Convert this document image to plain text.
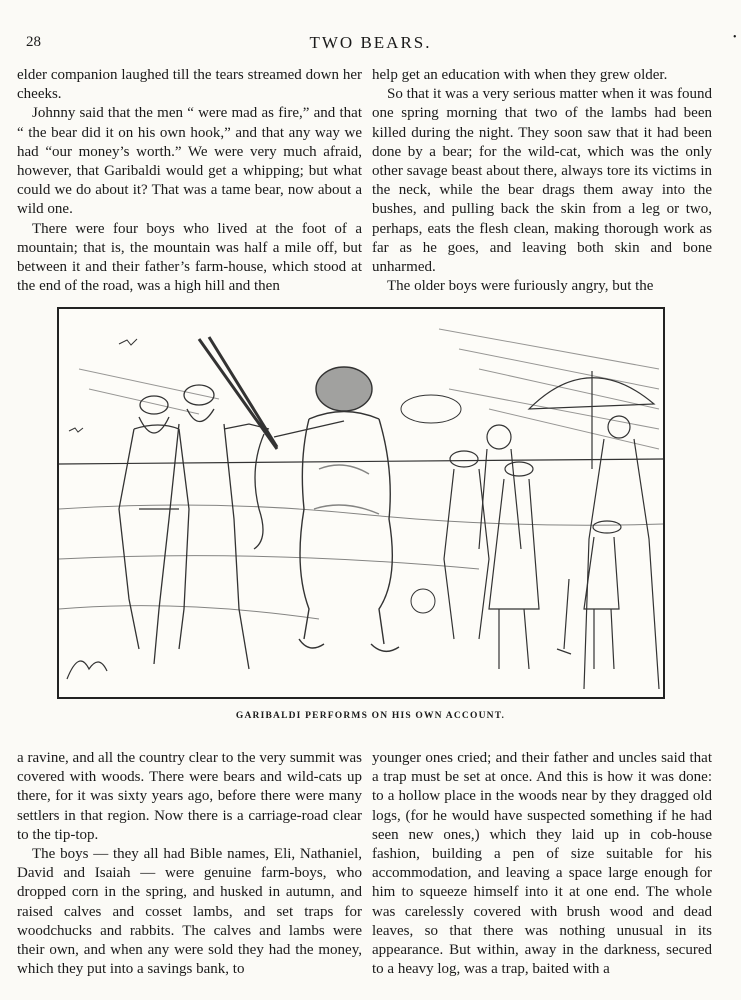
28	TWO BEARS.	•

elder companion laughed till the tears streamed down her cheeks.

Johnny said that the men “ were mad as fire,” and that “ the bear did it on his own hook,” and that any way we had “our money’s worth.” We were very much afraid, however, that Garibaldi would get a whipping; but what could we do about it? That was a tame bear, now about a wild one.

There were four boys who lived at the foot of a mountain; that is, the mountain was half a mile off, but between it and their father’s farm-house, which stood at the end of the road, was a high hill and then

help get an education with when they grew older.

So that it was a very serious matter when it was found one spring morning that two of the lambs had been killed during the night. They soon saw that it had been done by a bear; for the wild-cat, which was the only other savage beast about there, always tore its victims in the neck, while the bear drags them away into the bushes, and pulling back the skin from a leg or two, perhaps, eats the flesh clean, making thorough work as far as he goes, and leaving both skin and bone unharmed.

The older boys were furiously angry, but the

GARIBALDI PERFORMS ON HIS OWN ACCOUNT.

a ravine, and all the country clear to the very summit was covered with woods. There were bears and wild-cats up there, for it was sixty years ago, before there were many settlers in that region. Now there is a carriage-road clear to the tip-top.

The boys — they all had Bible names, Eli, Nathaniel, David and Isaiah — were genuine farm-boys, who dropped corn in the spring, and husked in autumn, and raised calves and cosset lambs, and set traps for woodchucks and rabbits. The calves and lambs were their own, and when any were sold they had the money, which they put into a savings bank, to

younger ones cried; and their father and uncles said that a trap must be set at once. And this is how it was done: to a hollow place in the woods near by they dragged old logs, (for he would have suspected something if he had seen new ones,) which they laid up in cob-house fashion, building a pen of size suitable for his accommodation, and leaving a space large enough for him to squeeze himself into it at one end. The whole was carelessly covered with brush wood and dead leaves, so that there was nothing unusual in its appearance. But within, away in the darkness, secured to a heavy log, was a trap, baited with a
